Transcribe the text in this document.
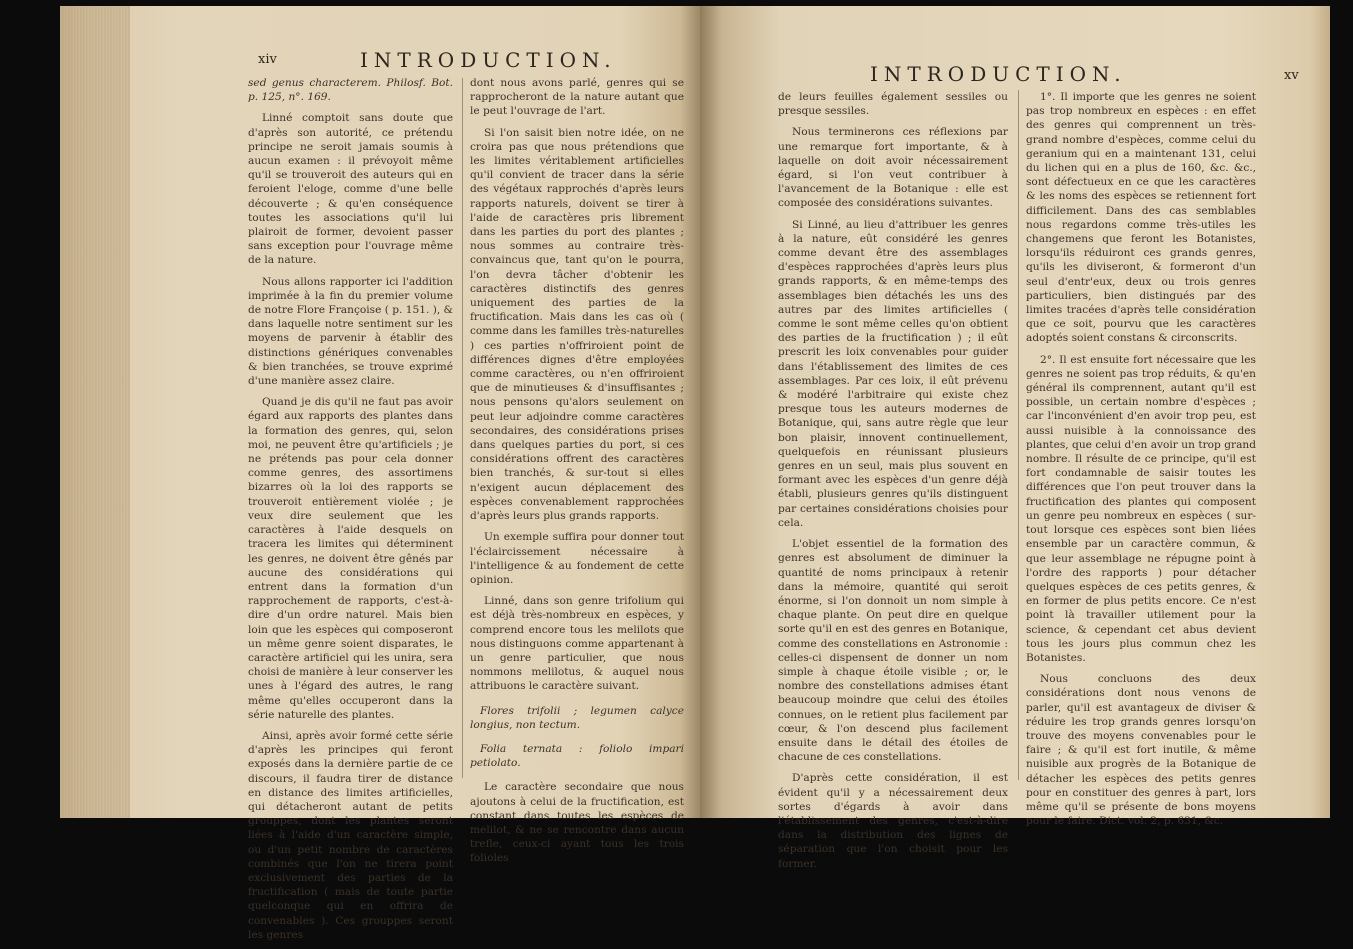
xiv	INTRODUCTION.

sed genus characterem. Philosf. Bot. p. 125, n°. 169.

Linné comptoit sans doute que d'après son autorité, ce prétendu principe ne seroit jamais soumis à aucun examen : il prévoyoit même qu'il se trouveroit des auteurs qui en feroient l'eloge, comme d'une belle découverte ; & qu'en conséquence toutes les associations qu'il lui plairoit de former, devoient passer sans exception pour l'ouvrage même de la nature.

Nous allons rapporter ici l'addition imprimée à la fin du premier volume de notre Flore Françoise ( p. 151. ), & dans laquelle notre sentiment sur les moyens de parvenir à établir des distinctions génériques convenables & bien tranchées, se trouve exprimé d'une manière assez claire.

Quand je dis qu'il ne faut pas avoir égard aux rapports des plantes dans la formation des genres, qui, selon moi, ne peuvent être qu'artificiels ; je ne prétends pas pour cela donner comme genres, des assortimens bizarres où la loi des rapports se trouveroit entièrement violée ; je veux dire seulement que les caractères à l'aide desquels on tracera les limites qui déterminent les genres, ne doivent être gênés par aucune des considérations qui entrent dans la formation d'un rapprochement de rapports, c'est-à-dire d'un ordre naturel. Mais bien loin que les espèces qui composeront un même genre soient disparates, le caractère artificiel qui les unira, sera choisi de manière à leur conserver les unes à l'égard des autres, le rang même qu'elles occuperont dans la série naturelle des plantes.

Ainsi, après avoir formé cette série d'après les principes qui feront exposés dans la dernière partie de ce discours, il faudra tirer de distance en distance des limites artificielles, qui détacheront autant de petits grouppes, dont les plantes seront liées à l'aide d'un caractère simple, ou d'un petit nombre de caractères combinés que l'on ne tirera point exclusivement des parties de la fructification ( mais de toute partie quelconque qui en offrira de convenables ). Ces grouppes seront les genres

dont nous avons parlé, genres qui se rapprocheront de la nature autant que le peut l'ouvrage de l'art.

Si l'on saisit bien notre idée, on ne croira pas que nous prétendions que les limites véritablement artificielles qu'il convient de tracer dans la série des végétaux rapprochés d'après leurs rapports naturels, doivent se tirer à l'aide de caractères pris librement dans les parties du port des plantes ; nous sommes au contraire très-convaincus que, tant qu'on le pourra, l'on devra tâcher d'obtenir les caractères distinctifs des genres uniquement des parties de la fructification. Mais dans les cas où ( comme dans les familles très-naturelles ) ces parties n'offriroient point de différences dignes d'être employées comme caractères, ou n'en offriroient que de minutieuses & d'insuffisantes ; nous pensons qu'alors seulement on peut leur adjoindre comme caractères secondaires, des considérations prises dans quelques parties du port, si ces considérations offrent des caractères bien tranchés, & sur-tout si elles n'exigent aucun déplacement des espèces convenablement rapprochées d'après leurs plus grands rapports.

Un exemple suffira pour donner tout l'éclaircissement nécessaire à l'intelligence & au fondement de cette opinion.

Linné, dans son genre trifolium qui est déjà très-nombreux en espèces, y comprend encore tous les melilots que nous distinguons comme appartenant à un genre particulier, que nous nommons melilotus, & auquel nous attribuons le caractère suivant.

Flores trifolii ; legumen calyce longius, non tectum.

Folia ternata : foliolo impari petiolato.

Le caractère secondaire que nous ajoutons à celui de la fructification, est constant dans toutes les espèces de melilot, & ne se rencontre dans aucun trefle, ceux-ci ayant tous les trois folioles

INTRODUCTION.	xv

de leurs feuilles également sessiles ou presque sessiles.

Nous terminerons ces réflexions par une remarque fort importante, & à laquelle on doit avoir nécessairement égard, si l'on veut contribuer à l'avancement de la Botanique : elle est composée des considérations suivantes.

Si Linné, au lieu d'attribuer les genres à la nature, eût considéré les genres comme devant être des assemblages d'espèces rapprochées d'après leurs plus grands rapports, & en même-temps des assemblages bien détachés les uns des autres par des limites artificielles ( comme le sont même celles qu'on obtient des parties de la fructification ) ; il eût prescrit les loix convenables pour guider dans l'établissement des limites de ces assemblages. Par ces loix, il eût prévenu & modéré l'arbitraire qui existe chez presque tous les auteurs modernes de Botanique, qui, sans autre règle que leur bon plaisir, innovent continuellement, quelquefois en réunissant plusieurs genres en un seul, mais plus souvent en formant avec les espèces d'un genre déjà établi, plusieurs genres qu'ils distinguent par certaines considérations choisies pour cela.

L'objet essentiel de la formation des genres est absolument de diminuer la quantité de noms principaux à retenir dans la mémoire, quantité qui seroit énorme, si l'on donnoit un nom simple à chaque plante. On peut dire en quelque sorte qu'il en est des genres en Botanique, comme des constellations en Astronomie : celles-ci dispensent de donner un nom simple à chaque étoile visible ; or, le nombre des constellations admises étant beaucoup moindre que celui des étoiles connues, on le retient plus facilement par cœur, & l'on descend plus facilement ensuite dans le détail des étoiles de chacune de ces constellations.

D'après cette considération, il est évident qu'il y a nécessairement deux sortes d'égards à avoir dans l'établissement des genres, c'est-à-dire dans la distribution des lignes de séparation que l'on choisit pour les former.

1°. Il importe que les genres ne soient pas trop nombreux en espèces : en effet des genres qui comprennent un très-grand nombre d'espèces, comme celui du geranium qui en a maintenant 131, celui du lichen qui en a plus de 160, &c. &c., sont défectueux en ce que les caractères & les noms des espèces se retiennent fort difficilement. Dans des cas semblables nous regardons comme très-utiles les changemens que feront les Botanistes, lorsqu'ils réduiront ces grands genres, qu'ils les diviseront, & formeront d'un seul d'entr'eux, deux ou trois genres particuliers, bien distingués par des limites tracées d'après telle considération que ce soit, pourvu que les caractères adoptés soient constans & circonscrits.

2°. Il est ensuite fort nécessaire que les genres ne soient pas trop réduits, & qu'en général ils comprennent, autant qu'il est possible, un certain nombre d'espèces ; car l'inconvénient d'en avoir trop peu, est aussi nuisible à la connoissance des plantes, que celui d'en avoir un trop grand nombre. Il résulte de ce principe, qu'il est fort condamnable de saisir toutes les différences que l'on peut trouver dans la fructification des plantes qui composent un genre peu nombreux en espèces ( sur-tout lorsque ces espèces sont bien liées ensemble par un caractère commun, & que leur assemblage ne répugne point à l'ordre des rapports ) pour détacher quelques espèces de ces petits genres, & en former de plus petits encore. Ce n'est point là travailler utilement pour la science, & cependant cet abus devient tous les jours plus commun chez les Botanistes.

Nous concluons des deux considérations dont nous venons de parler, qu'il est avantageux de diviser & réduire les trop grands genres lorsqu'on trouve des moyens convenables pour le faire ; & qu'il est fort inutile, & même nuisible aux progrès de la Botanique de détacher les espèces des petits genres pour en constituer des genres à part, lors même qu'il se présente de bons moyens pour le faire. Dict. vol. 2, p. 631, &c.
